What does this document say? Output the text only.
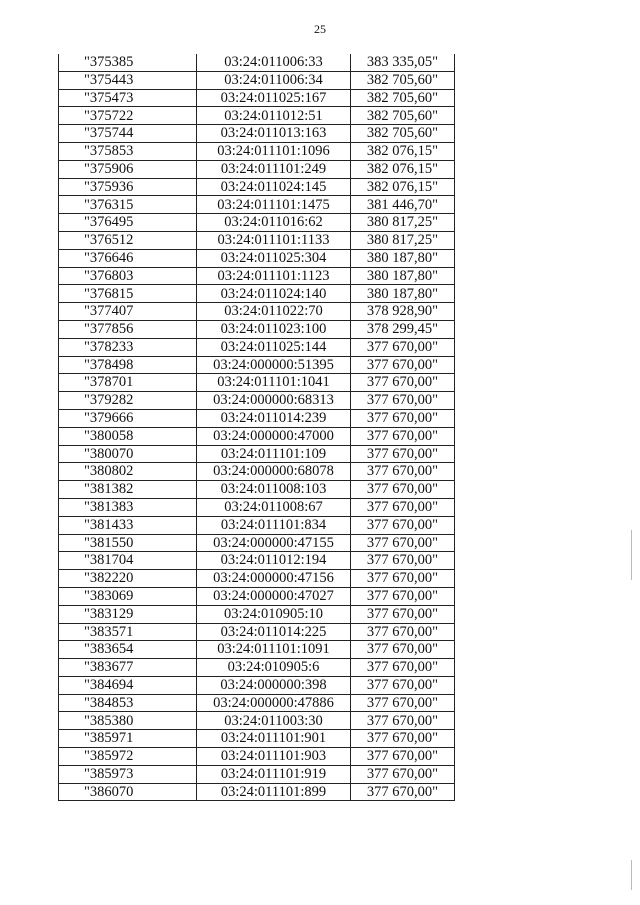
25
"375385	03:24:011006:33	383 335,05"
"375443	03:24:011006:34	382 705,60"
"375473	03:24:011025:167	382 705,60"
"375722	03:24:011012:51	382 705,60"
"375744	03:24:011013:163	382 705,60"
"375853	03:24:011101:1096	382 076,15"
"375906	03:24:011101:249	382 076,15"
"375936	03:24:011024:145	382 076,15"
"376315	03:24:011101:1475	381 446,70"
"376495	03:24:011016:62	380 817,25"
"376512	03:24:011101:1133	380 817,25"
"376646	03:24:011025:304	380 187,80"
"376803	03:24:011101:1123	380 187,80"
"376815	03:24:011024:140	380 187,80"
"377407	03:24:011022:70	378 928,90"
"377856	03:24:011023:100	378 299,45"
"378233	03:24:011025:144	377 670,00"
"378498	03:24:000000:51395	377 670,00"
"378701	03:24:011101:1041	377 670,00"
"379282	03:24:000000:68313	377 670,00"
"379666	03:24:011014:239	377 670,00"
"380058	03:24:000000:47000	377 670,00"
"380070	03:24:011101:109	377 670,00"
"380802	03:24:000000:68078	377 670,00"
"381382	03:24:011008:103	377 670,00"
"381383	03:24:011008:67	377 670,00"
"381433	03:24:011101:834	377 670,00"
"381550	03:24:000000:47155	377 670,00"
"381704	03:24:011012:194	377 670,00"
"382220	03:24:000000:47156	377 670,00"
"383069	03:24:000000:47027	377 670,00"
"383129	03:24:010905:10	377 670,00"
"383571	03:24:011014:225	377 670,00"
"383654	03:24:011101:1091	377 670,00"
"383677	03:24:010905:6	377 670,00"
"384694	03:24:000000:398	377 670,00"
"384853	03:24:000000:47886	377 670,00"
"385380	03:24:011003:30	377 670,00"
"385971	03:24:011101:901	377 670,00"
"385972	03:24:011101:903	377 670,00"
"385973	03:24:011101:919	377 670,00"
"386070	03:24:011101:899	377 670,00"
